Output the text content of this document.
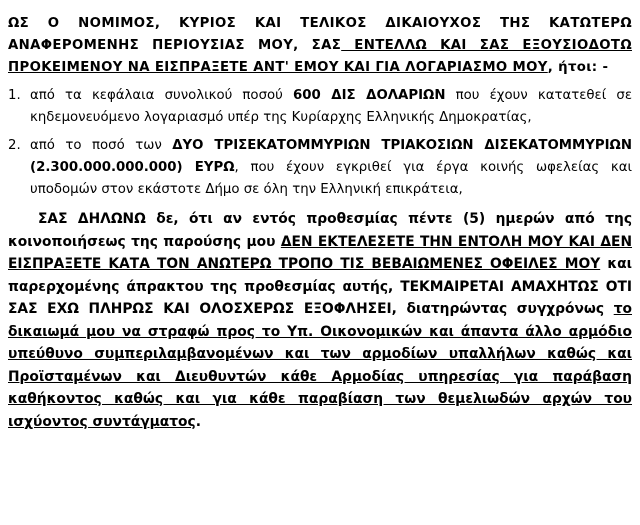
ΩΣ Ο ΝΟΜΙΜΟΣ, ΚΥΡΙΟΣ ΚΑΙ ΤΕΛΙΚΟΣ ΔΙΚΑΙΟΥΧΟΣ ΤΗΣ ΚΑΤΩΤΕΡΩ ΑΝΑΦΕΡΟΜΕΝΗΣ ΠΕΡΙΟΥΣΙΑΣ ΜΟΥ, ΣΑΣ ΕΝΤΕΛΛΩ ΚΑΙ ΣΑΣ ΕΞΟΥΣΙΟΔΟΤΩ ΠΡΟΚΕΙΜΕΝΟΥ ΝΑ ΕΙΣΠΡΑΞΕΤΕ ΑΝΤ' ΕΜΟΥ ΚΑΙ ΓΙΑ ΛΟΓΑΡΙΑΣΜΟ ΜΟΥ, ήτοι: -

1. από τα κεφάλαια συνολικού ποσού 600 ΔΙΣ ΔΟΛΑΡΙΩΝ που έχουν κατατεθεί σε κηδεμονευόμενο λογαριασμό υπέρ της Κυρίαρχης Ελληνικής Δημοκρατίας,
2. από το ποσό των ΔΥΟ ΤΡΙΣΕΚΑΤΟΜΜΥΡΙΩΝ ΤΡΙΑΚΟΣΙΩΝ ΔΙΣΕΚΑΤΟΜΜΥΡΙΩΝ (2.300.000.000.000) ΕΥΡΩ, που έχουν εγκριθεί για έργα κοινής ωφελείας και υποδομών στον εκάστοτε Δήμο σε όλη την Ελληνική επικράτεια,

ΣΑΣ ΔΗΛΩΝΩ δε, ότι αν εντός προθεσμίας πέντε (5) ημερών από της κοινοποιήσεως της παρούσης μου ΔΕΝ ΕΚΤΕΛΕΣΕΤΕ ΤΗΝ ΕΝΤΟΛΗ ΜΟΥ ΚΑΙ ΔΕΝ ΕΙΣΠΡΑΞΕΤΕ ΚΑΤΑ ΤΟΝ ΑΝΩΤΕΡΩ ΤΡΟΠΟ ΤΙΣ ΒΕΒΑΙΩΜΕΝΕΣ ΟΦΕΙΛΕΣ ΜΟΥ και παρερχομένης άπρακτου της προθεσμίας αυτής, ΤΕΚΜΑΙΡΕΤΑΙ ΑΜΑΧΗΤΩΣ ΟΤΙ ΣΑΣ ΕΧΩ ΠΛΗΡΩΣ ΚΑΙ ΟΛΟΣΧΕΡΩΣ ΕΞΟΦΛΗΣΕΙ, διατηρώντας συγχρόνως το δικαιωμά μου να στραφώ προς το Υπ. Οικονομικών και άπαντα άλλο αρμόδιο υπεύθυνο συμπεριλαμβανομένων και των αρμοδίων υπαλλήλων καθώς και Προϊσταμένων και Διευθυντών κάθε Αρμοδίας υπηρεσίας για παράβαση καθήκοντος καθώς και για κάθε παραβίαση των θεμελιωδών αρχών του ισχύοντος συντάγματος.
